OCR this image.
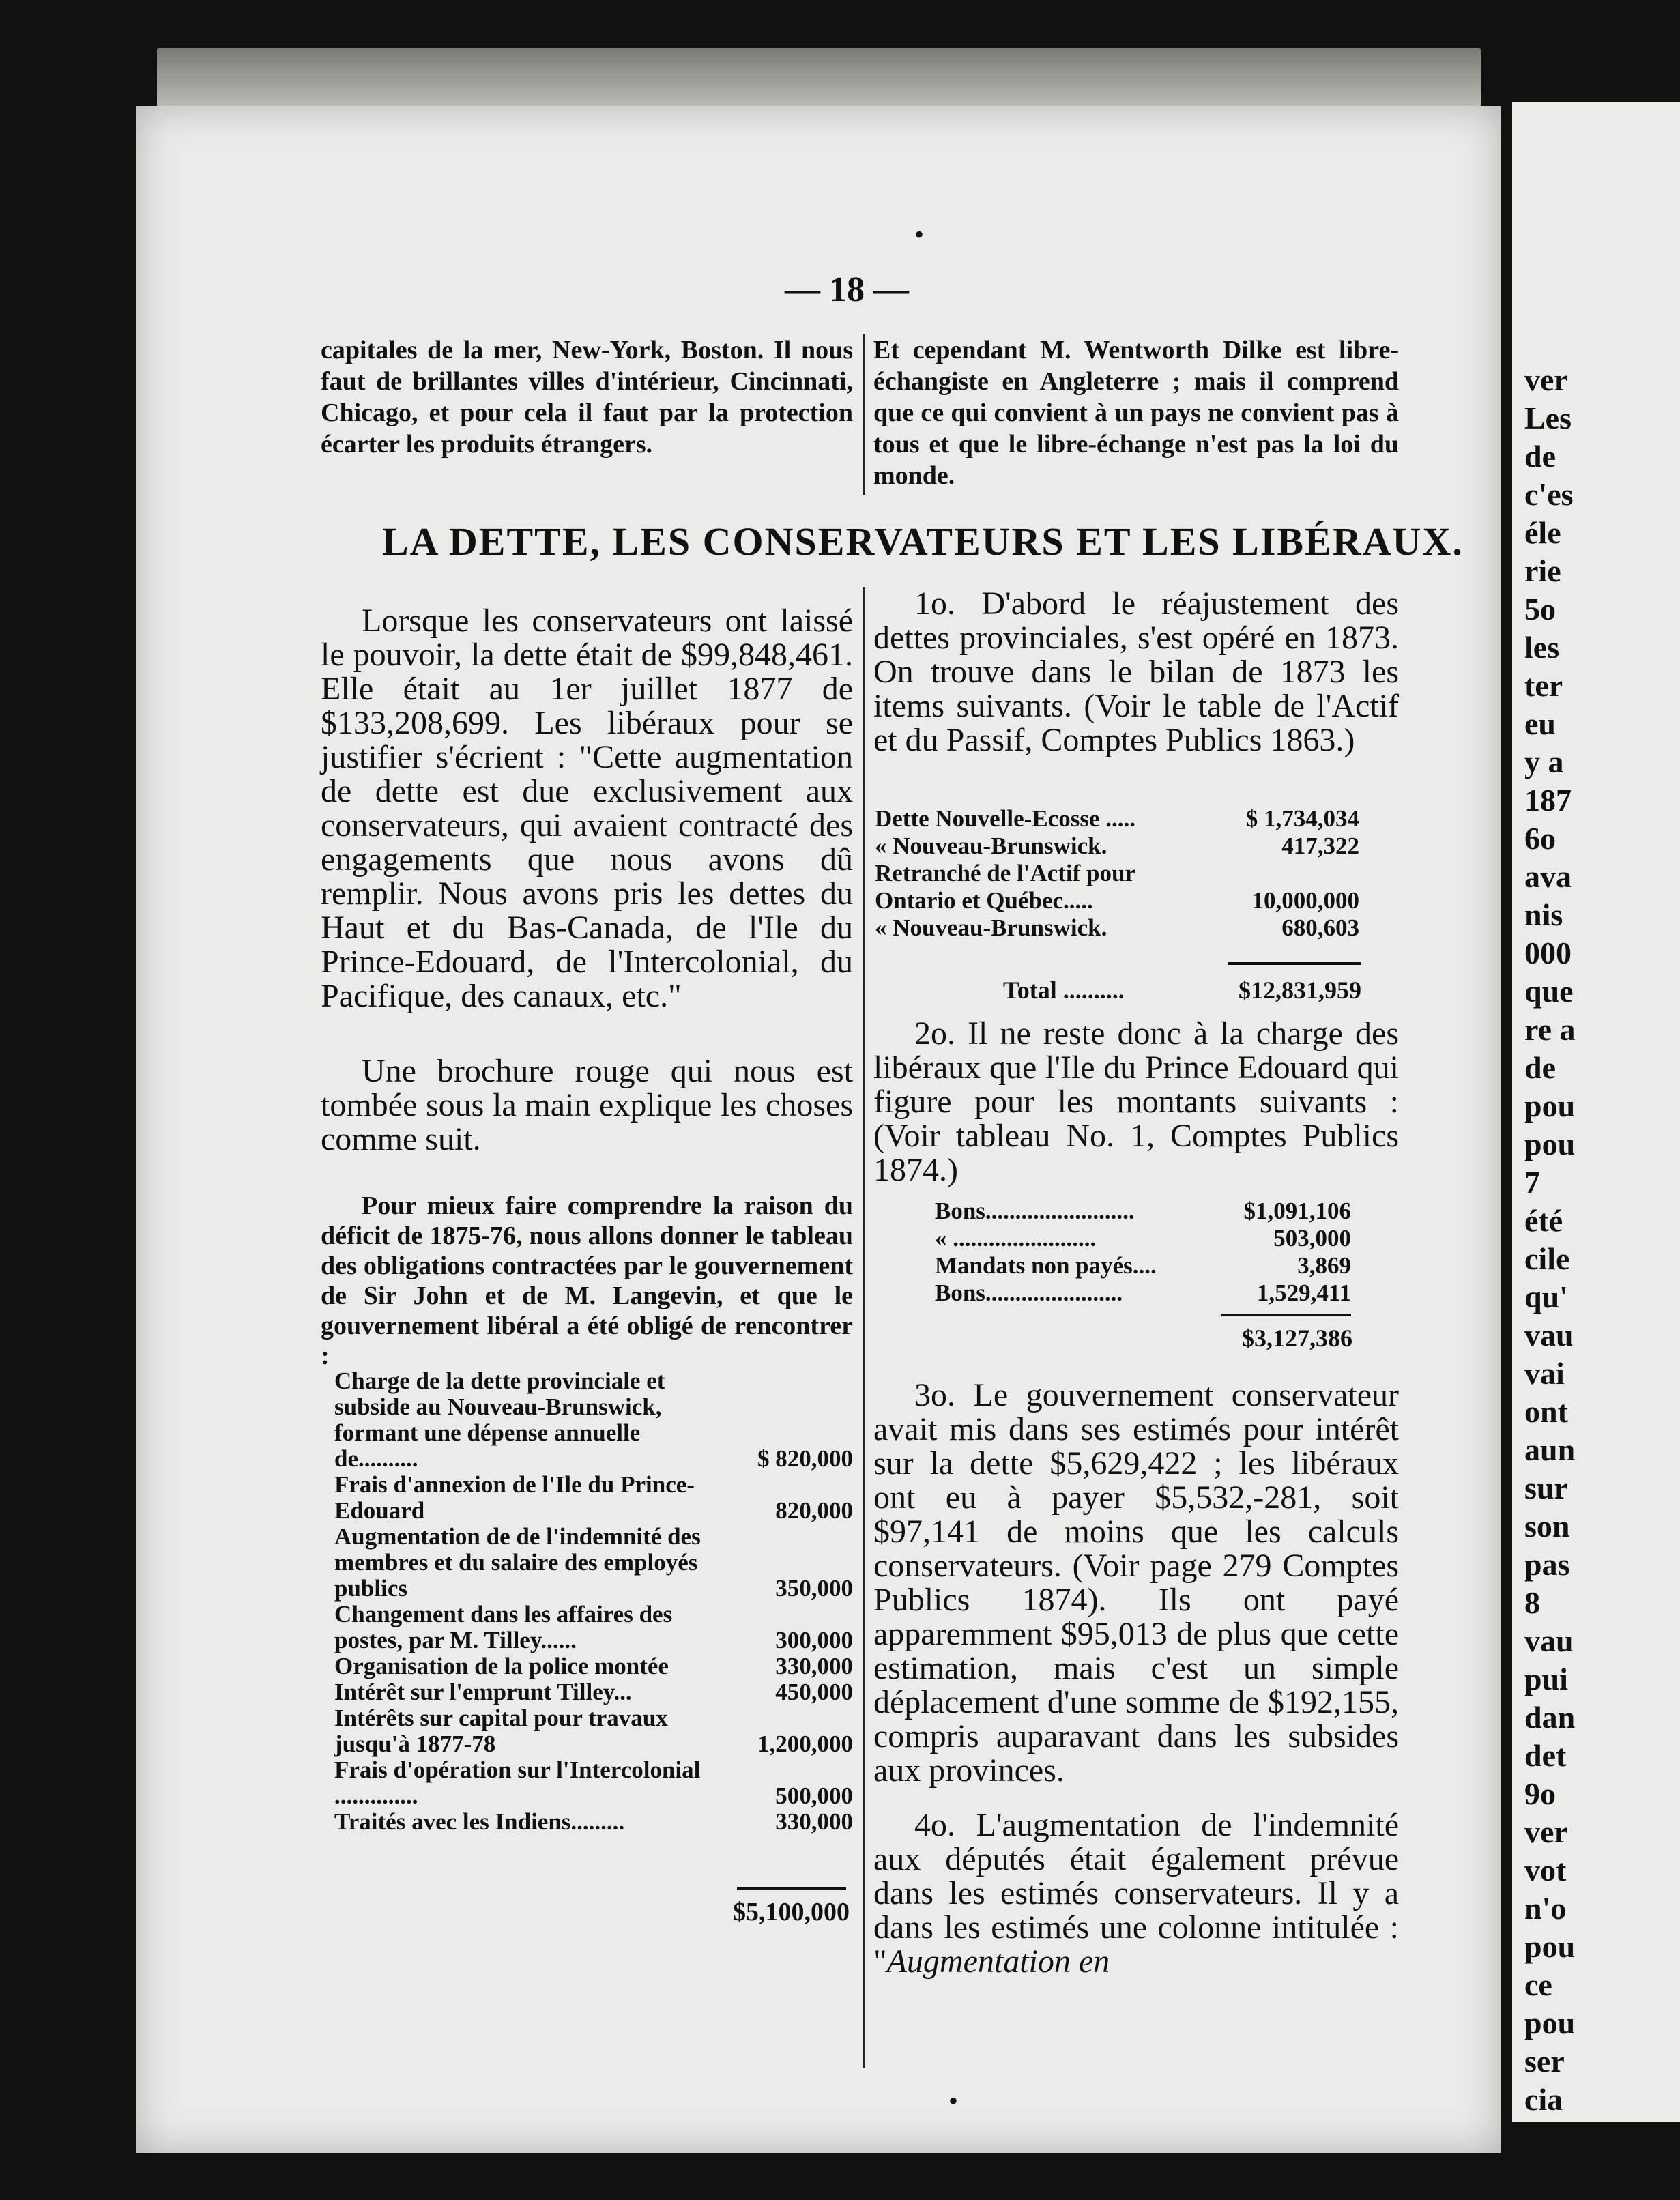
ver
Les
de
c'es
éle
rie
5o
les
ter
eu
y a
187
6o
ava
nis
000
que
re a
de
pou
pou
7
été
cile
qu'
vau
vai
ont
aun
sur
son
pas
8
vau
pui
dan
det
9o
ver
vot
n'o
pou
ce
pou
ser
cia
pou
— 18 —

capitales de la mer, New-York, Boston. Il nous faut de brillantes villes d'intérieur, Cincinnati, Chicago, et pour cela il faut par la protection écarter les produits étrangers.

Et cependant M. Wentworth Dilke est libre-échangiste en Angleterre ; mais il comprend que ce qui convient à un pays ne convient pas à tous et que le libre-échange n'est pas la loi du monde.

LA DETTE, LES CONSERVATEURS ET LES LIBÉRAUX.

Lorsque les conservateurs ont laissé le pouvoir, la dette était de $99,848,461. Elle était au 1er juillet 1877 de $133,208,699. Les libéraux pour se justifier s'écrient : "Cette augmentation de dette est due exclusivement aux conservateurs, qui avaient contracté des engagements que nous avons dû remplir. Nous avons pris les dettes du Haut et du Bas-Canada, de l'Ile du Prince-Edouard, de l'Intercolonial, du Pacifique, des canaux, etc."

Une brochure rouge qui nous est tombée sous la main explique les choses comme suit.

Pour mieux faire comprendre la raison du déficit de 1875-76, nous allons donner le tableau des obligations contractées par le gouvernement de Sir John et de M. Langevin, et que le gouvernement libéral a été obligé de rencontrer :

Charge de la dette provinciale et subside au Nouveau-Brunswick, formant une dépense annuelle de..........	$ 820,000
Frais d'annexion de l'Ile du Prince-Edouard	820,000
Augmentation de de l'indemnité des membres et du salaire des employés publics	350,000
Changement dans les affaires des postes, par M. Tilley......	300,000
Organisation de la police montée	330,000
Intérêt sur l'emprunt Tilley...	450,000
Intérêts sur capital pour travaux jusqu'à 1877-78	1,200,000
Frais d'opération sur l'Intercolonial ..............	500,000
Traités avec les Indiens.........	330,000
$5,100,000

1o. D'abord le réajustement des dettes provinciales, s'est opéré en 1873. On trouve dans le bilan de 1873 les items suivants. (Voir le table de l'Actif et du Passif, Comptes Publics 1863.)

Dette Nouvelle-Ecosse .....	$ 1,734,034
« Nouveau-Brunswick.	417,322
Retranché de l'Actif pour	
Ontario et Québec.....	10,000,000
« Nouveau-Brunswick.	680,603
Total ..........	$12,831,959

2o. Il ne reste donc à la charge des libéraux que l'Ile du Prince Edouard qui figure pour les montants suivants : (Voir tableau No. 1, Comptes Publics 1874.)

Bons.........................	$1,091,106
« ........................	503,000
Mandats non payés....	3,869
Bons.......................	1,529,411
$3,127,386

3o. Le gouvernement conservateur avait mis dans ses estimés pour intérêt sur la dette $5,629,422 ; les libéraux ont eu à payer $5,532,-281, soit $97,141 de moins que les calculs conservateurs. (Voir page 279 Comptes Publics 1874). Ils ont payé apparemment $95,013 de plus que cette estimation, mais c'est un simple déplacement d'une somme de $192,155, compris auparavant dans les subsides aux provinces.

4o. L'augmentation de l'indemnité aux députés était également prévue dans les estimés conservateurs. Il y a dans les estimés une colonne intitulée : "Augmentation en

•
•
